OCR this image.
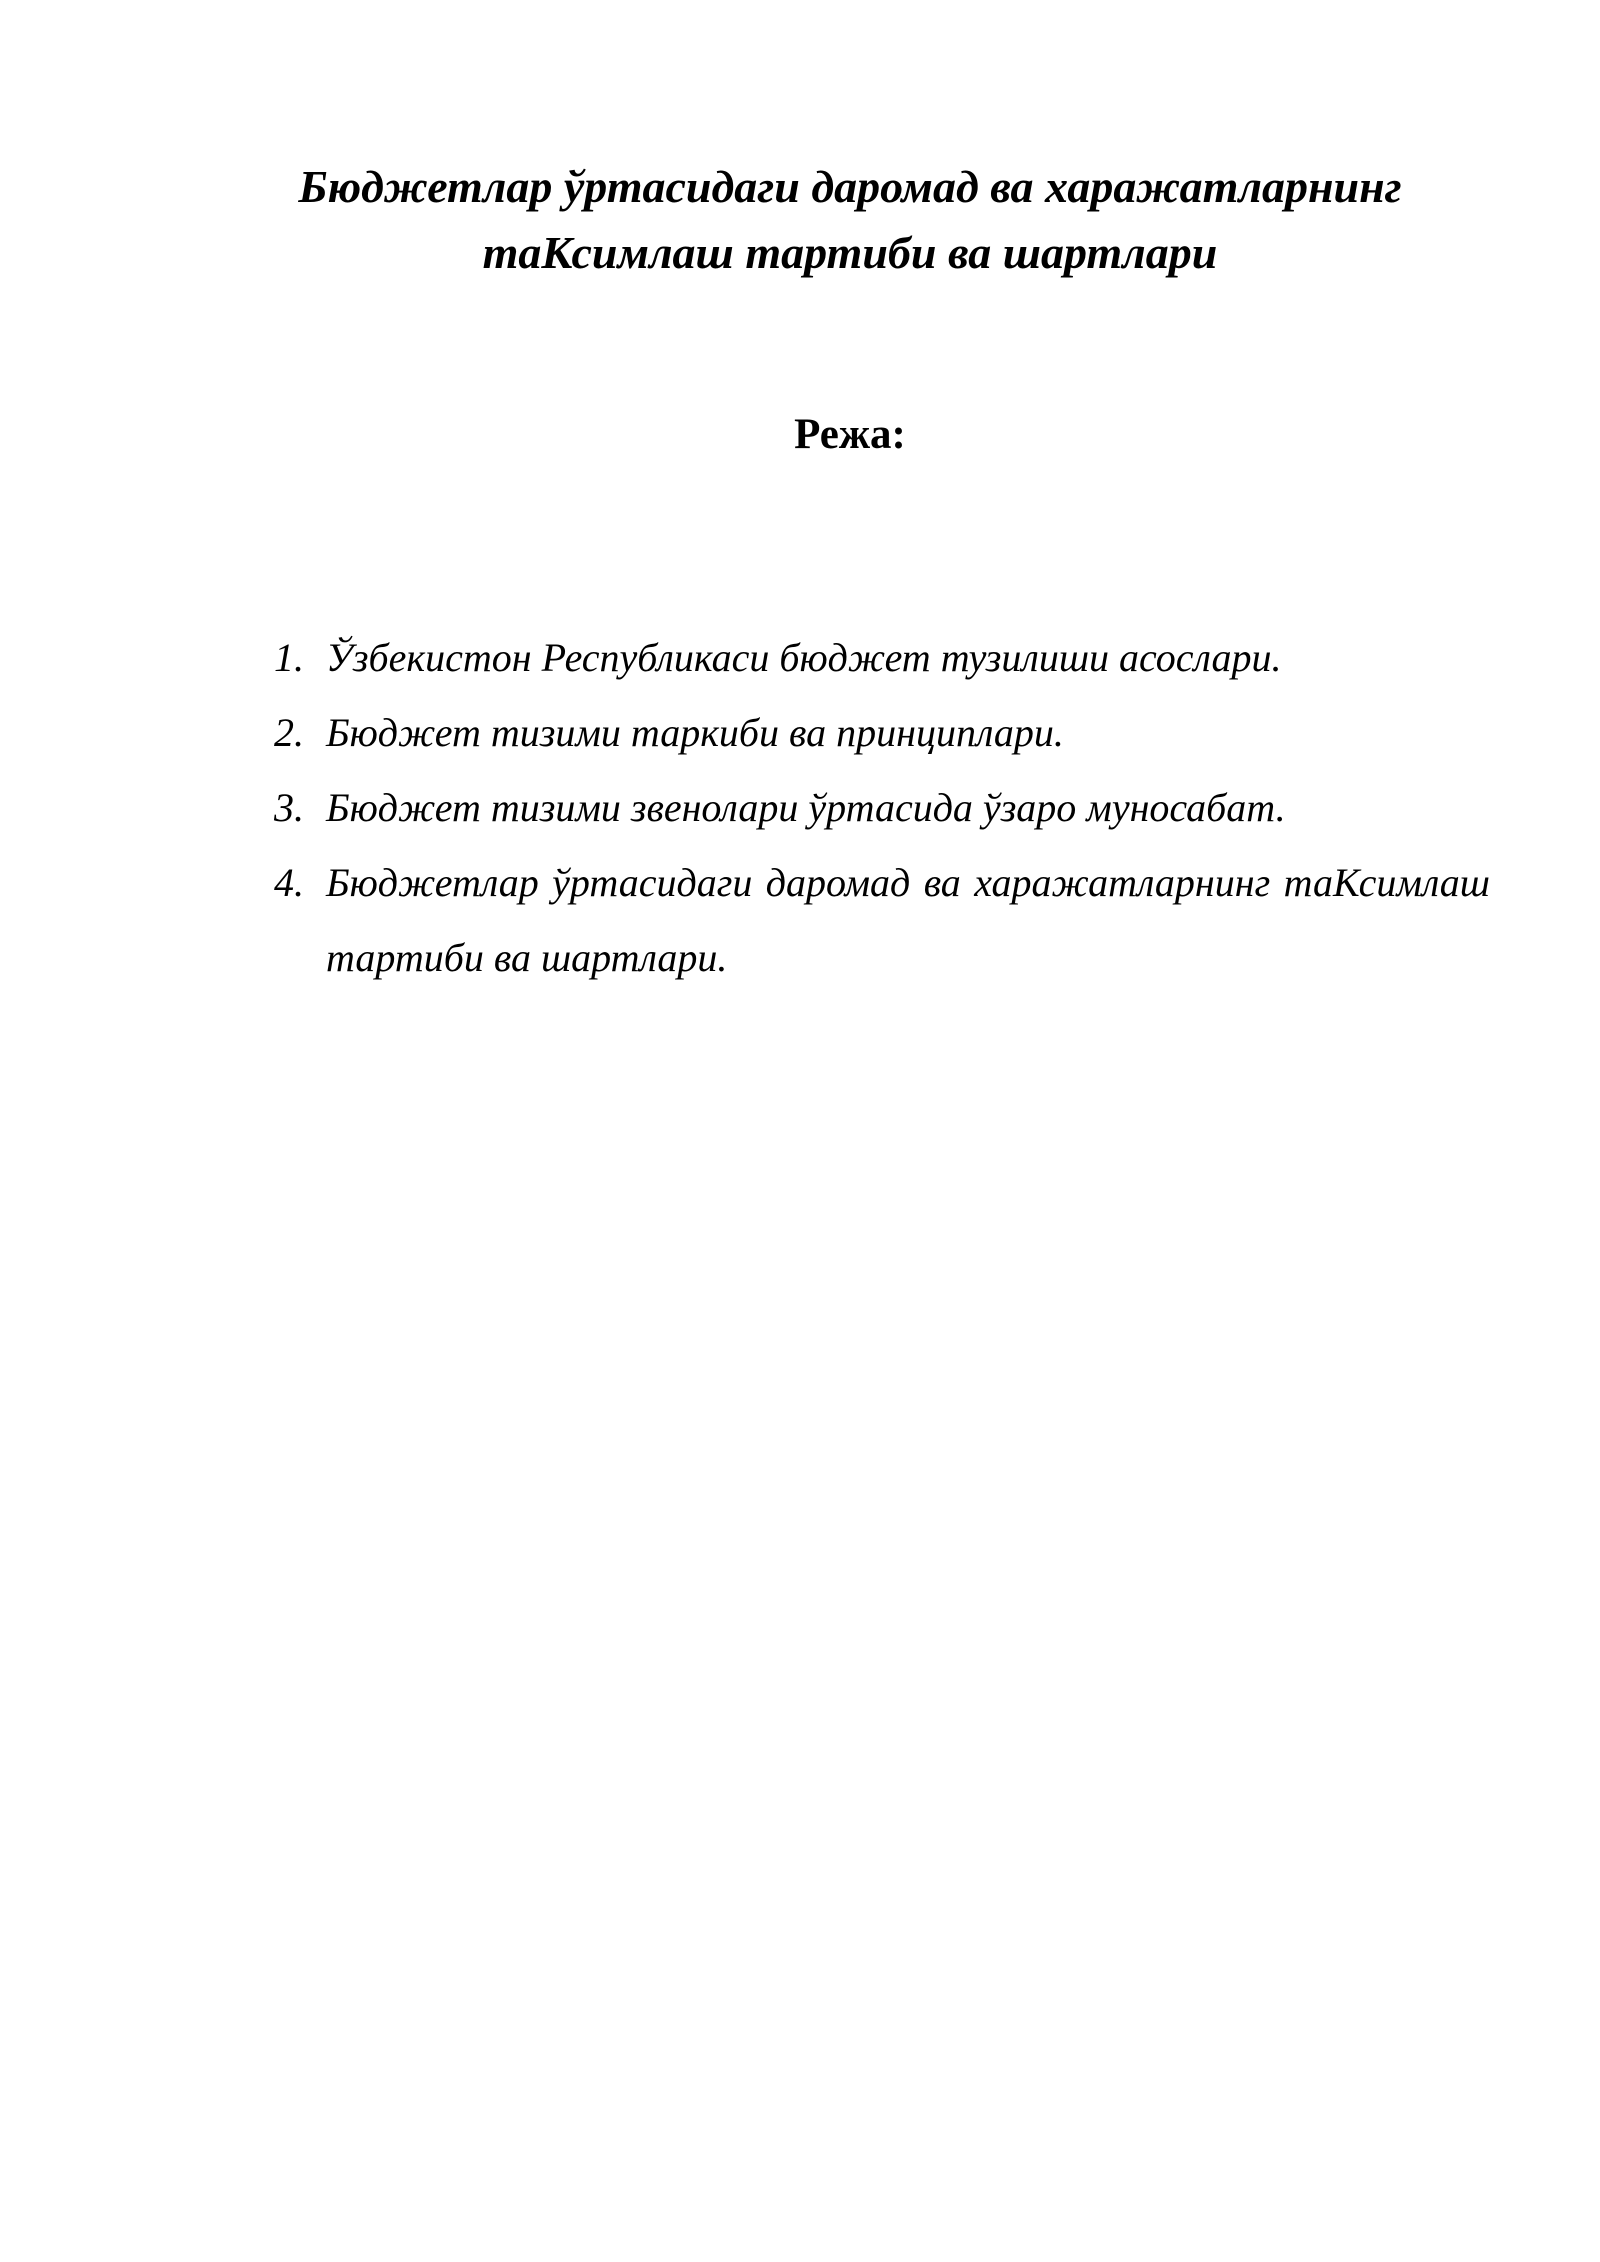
Бюджетлар ўртасидаги даромад ва харажатларнинг таКсимлаш тартиби ва шартлари
Режа:
1. Ўзбекистон Республикаси бюджет тузилиши асослари.
2. Бюджет тизими таркиби ва принциплари.
3. Бюджет тизими звенолари ўртасида ўзаро муносабат.
4. Бюджетлар ўртасидаги даромад ва харажатларнинг таКсимлаш тартиби ва шартлари.
